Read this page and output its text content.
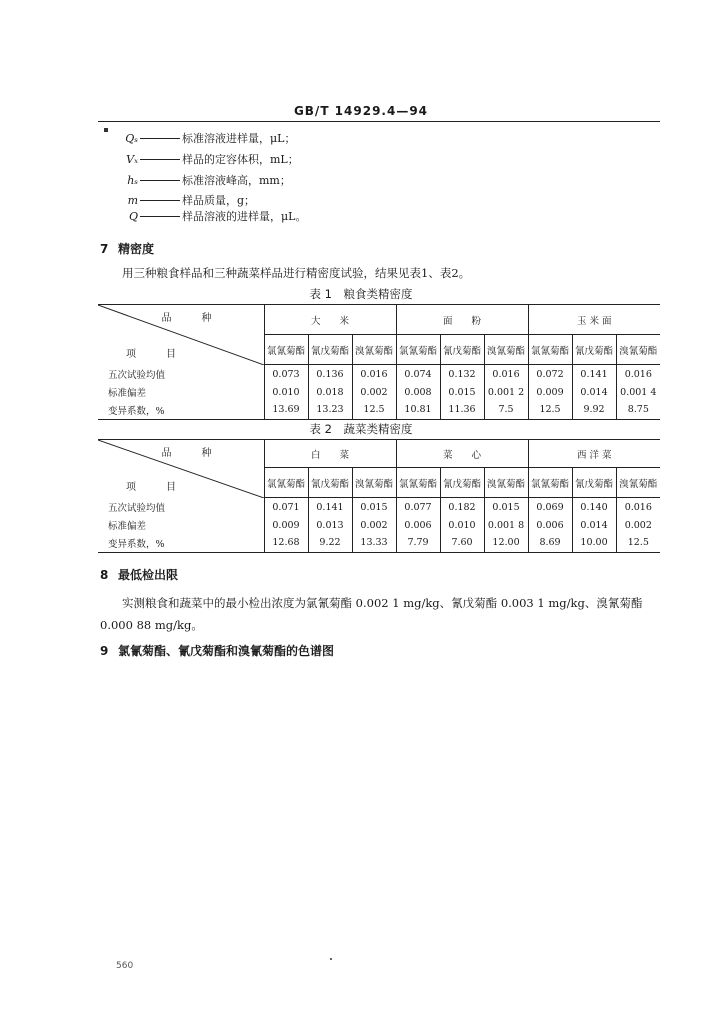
GB/T 14929.4—94
Qₛ	标准溶液进样量，μL；
Vₓ	样品的定容体积，mL；
hₛ	标准溶液峰高，mm；
m	样品质量，g；
Q	样品溶液的进样量，μL。
7 精密度
用三种粮食样品和三种蔬菜样品进行精密度试验，结果见表1、表2。
表 1　粮食类精密度
品　种
项　目	大　　米			面　　粉			玉 米 面		
	氯氰菊酯	氰戊菊酯	溴氰菊酯	氯氰菊酯	氰戊菊酯	溴氰菊酯	氯氰菊酯	氰戊菊酯	溴氰菊酯
五次试验均值	0.073	0.136	0.016	0.074	0.132	0.016	0.072	0.141	0.016
标准偏差	0.010	0.018	0.002	0.008	0.015	0.001 2	0.009	0.014	0.001 4
变异系数，%	13.69	13.23	12.5	10.81	11.36	7.5	12.5	9.92	8.75
表 2　蔬菜类精密度
品　种
项　目	白　　菜			菜　　心			西 洋 菜		
	氯氰菊酯	氰戊菊酯	溴氰菊酯	氯氰菊酯	氰戊菊酯	溴氰菊酯	氯氰菊酯	氰戊菊酯	溴氰菊酯
五次试验均值	0.071	0.141	0.015	0.077	0.182	0.015	0.069	0.140	0.016
标准偏差	0.009	0.013	0.002	0.006	0.010	0.001 8	0.006	0.014	0.002
变异系数，%	12.68	9.22	13.33	7.79	7.60	12.00	8.69	10.00	12.5
8 最低检出限
实测粮食和蔬菜中的最小检出浓度为氯氰菊酯 0.002 1 mg/kg、氰戊菊酯 0.003 1 mg/kg、溴氰菊酯 0.000 88 mg/kg。
9 氯氰菊酯、氰戊菊酯和溴氰菊酯的色谱图
560
